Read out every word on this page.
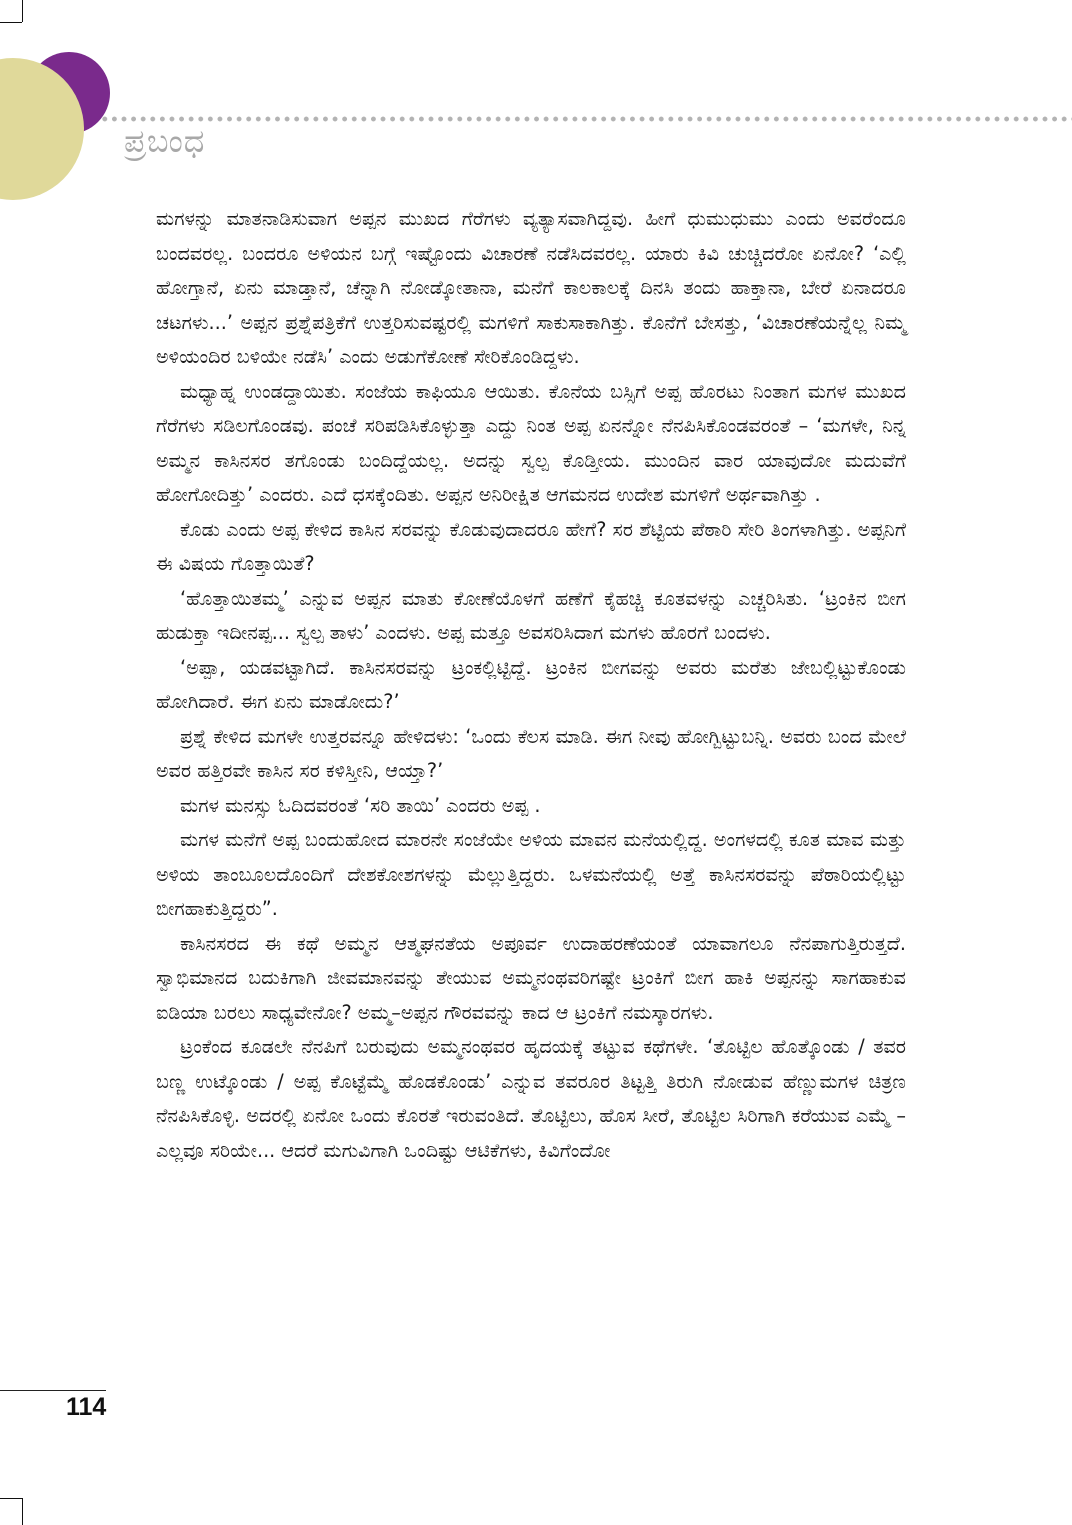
ಪ್ರಬಂಧ

ಮಗಳನ್ನು ಮಾತನಾಡಿಸುವಾಗ ಅಪ್ಪನ ಮುಖದ ಗೆರೆಗಳು ವ್ಯತ್ಯಾಸವಾಗಿದ್ದವು. ಹೀಗೆ ಧುಮುಧುಮು ಎಂದು ಅವರೆಂದೂ ಬಂದವರಲ್ಲ. ಬಂದರೂ ಅಳಿಯನ ಬಗ್ಗೆ ಇಷ್ಟೊಂದು ವಿಚಾರಣೆ ನಡೆಸಿದವರಲ್ಲ. ಯಾರು ಕಿವಿ ಚುಚ್ಚಿದರೋ ಏನೋ? ‘ಎಲ್ಲಿ ಹೋಗ್ತಾನೆ, ಏನು ಮಾಡ್ತಾನೆ, ಚೆನ್ನಾಗಿ ನೋಡ್ಕೋತಾನಾ, ಮನೆಗೆ ಕಾಲಕಾಲಕ್ಕೆ ದಿನಸಿ ತಂದು ಹಾಕ್ತಾನಾ, ಬೇರೆ ಏನಾದರೂ ಚಟಗಳು...’ ಅಪ್ಪನ ಪ್ರಶ್ನೆಪತ್ರಿಕೆಗೆ ಉತ್ತರಿಸುವಷ್ಟರಲ್ಲಿ ಮಗಳಿಗೆ ಸಾಕುಸಾಕಾಗಿತ್ತು. ಕೊನೆಗೆ ಬೇಸತ್ತು, ‘ವಿಚಾರಣೆಯನ್ನೆಲ್ಲ ನಿಮ್ಮ ಅಳಿಯಂದಿರ ಬಳಿಯೇ ನಡೆಸಿ’ ಎಂದು ಅಡುಗೆಕೋಣೆ ಸೇರಿಕೊಂಡಿದ್ದಳು.

ಮಧ್ಯಾಹ್ನ ಉಂಡದ್ದಾಯಿತು. ಸಂಜೆಯ ಕಾಫಿಯೂ ಆಯಿತು. ಕೊನೆಯ ಬಸ್ಸಿಗೆ ಅಪ್ಪ ಹೊರಟು ನಿಂತಾಗ ಮಗಳ ಮುಖದ ಗೆರೆಗಳು ಸಡಿಲಗೊಂಡವು. ಪಂಚೆ ಸರಿಪಡಿಸಿಕೊಳ್ಳುತ್ತಾ ಎದ್ದು ನಿಂತ ಅಪ್ಪ ಏನನ್ನೋ ನೆನಪಿಸಿಕೊಂಡವರಂತೆ – ‘ಮಗಳೇ, ನಿನ್ನ ಅಮ್ಮನ ಕಾಸಿನಸರ ತಗೊಂಡು ಬಂದಿದ್ದೆಯಲ್ಲ. ಅದನ್ನು ಸ್ವಲ್ಪ ಕೊಡ್ತೀಯ. ಮುಂದಿನ ವಾರ ಯಾವುದೋ ಮದುವೆಗೆ ಹೋಗೋದಿತ್ತು’ ಎಂದರು. ಎದೆ ಧಸಕ್ಕೆಂದಿತು. ಅಪ್ಪನ ಅನಿರೀಕ್ಷಿತ ಆಗಮನದ ಉದೇಶ ಮಗಳಿಗೆ ಅರ್ಥವಾಗಿತ್ತು .

ಕೊಡು ಎಂದು ಅಪ್ಪ ಕೇಳಿದ ಕಾಸಿನ ಸರವನ್ನು ಕೊಡುವುದಾದರೂ ಹೇಗೆ? ಸರ ಶೆಟ್ಟಿಯ ಪೆಠಾರಿ ಸೇರಿ ತಿಂಗಳಾಗಿತ್ತು. ಅಪ್ಪನಿಗೆ ಈ ವಿಷಯ ಗೊತ್ತಾಯಿತೆ?

‘ಹೊತ್ತಾಯಿತಮ್ಮ’ ಎನ್ನುವ ಅಪ್ಪನ ಮಾತು ಕೋಣೆಯೊಳಗೆ ಹಣೆಗೆ ಕೈಹಚ್ಚಿ ಕೂತವಳನ್ನು ಎಚ್ಚರಿಸಿತು. ‘ಟ್ರಂಕಿನ ಬೀಗ ಹುಡುಕ್ತಾ ಇದೀನಪ್ಪ... ಸ್ವಲ್ಪ ತಾಳು’ ಎಂದಳು. ಅಪ್ಪ ಮತ್ತೂ ಅವಸರಿಸಿದಾಗ ಮಗಳು ಹೊರಗೆ ಬಂದಳು.

‘ಅಪ್ಪಾ, ಯಡವಟ್ಟಾಗಿದೆ. ಕಾಸಿನಸರವನ್ನು ಟ್ರಂಕಲ್ಲಿಟ್ಟಿದ್ದೆ. ಟ್ರಂಕಿನ ಬೀಗವನ್ನು ಅವರು ಮರೆತು ಜೇಬಲ್ಲಿಟ್ಟುಕೊಂಡು ಹೋಗಿದಾರೆ. ಈಗ ಏನು ಮಾಡೋದು?’

ಪ್ರಶ್ನೆ ಕೇಳಿದ ಮಗಳೇ ಉತ್ತರವನ್ನೂ ಹೇಳಿದಳು: ‘ಒಂದು ಕೆಲಸ ಮಾಡಿ. ಈಗ ನೀವು ಹೋಗ್ಬಿಟ್ಟುಬನ್ನಿ. ಅವರು ಬಂದ ಮೇಲೆ ಅವರ ಹತ್ತಿರವೇ ಕಾಸಿನ ಸರ ಕಳಿಸ್ತೀನಿ, ಆಯ್ತಾ?’

ಮಗಳ ಮನಸ್ಸು ಓದಿದವರಂತೆ ‘ಸರಿ ತಾಯಿ’ ಎಂದರು ಅಪ್ಪ .

ಮಗಳ ಮನೆಗೆ ಅಪ್ಪ ಬಂದುಹೋದ ಮಾರನೇ ಸಂಜೆಯೇ ಅಳಿಯ ಮಾವನ ಮನೆಯಲ್ಲಿದ್ದ. ಅಂಗಳದಲ್ಲಿ ಕೂತ ಮಾವ ಮತ್ತು ಅಳಿಯ ತಾಂಬೂಲದೊಂದಿಗೆ ದೇಶಕೋಶಗಳನ್ನು ಮೆಲ್ಲುತ್ತಿದ್ದರು. ಒಳಮನೆಯಲ್ಲಿ ಅತ್ತೆ ಕಾಸಿನಸರವನ್ನು ಪೆಠಾರಿಯಲ್ಲಿಟ್ಟು ಬೀಗಹಾಕುತ್ತಿದ್ದರು”.

ಕಾಸಿನಸರದ ಈ ಕಥೆ ಅಮ್ಮನ ಆತ್ಮಘನತೆಯ ಅಪೂರ್ವ ಉದಾಹರಣೆಯಂತೆ ಯಾವಾಗಲೂ ನೆನಪಾಗುತ್ತಿರುತ್ತದೆ. ಸ್ವಾಭಿಮಾನದ ಬದುಕಿಗಾಗಿ ಜೀವಮಾನವನ್ನು ತೇಯುವ ಅಮ್ಮನಂಥವರಿಗಷ್ಟೇ ಟ್ರಂಕಿಗೆ ಬೀಗ ಹಾಕಿ ಅಪ್ಪನನ್ನು ಸಾಗಹಾಕುವ ಐಡಿಯಾ ಬರಲು ಸಾಧ್ಯವೇನೋ? ಅಮ್ಮ–ಅಪ್ಪನ ಗೌರವವನ್ನು ಕಾದ ಆ ಟ್ರಂಕಿಗೆ ನಮಸ್ಕಾರಗಳು.

ಟ್ರಂಕೆಂದ ಕೂಡಲೇ ನೆನಪಿಗೆ ಬರುವುದು ಅಮ್ಮನಂಥವರ ಹೃದಯಕ್ಕೆ ತಟ್ಟುವ ಕಥೆಗಳೇ. ‘ತೊಟ್ಟಿಲ ಹೊತ್ಕೊಂಡು / ತವರ ಬಣ್ಣ ಉಟ್ಕೊಂಡು / ಅಪ್ಪ ಕೊಟ್ಟೆಮ್ಮೆ ಹೊಡಕೊಂಡು’ ಎನ್ನುವ ತವರೂರ ತಿಟ್ಟತ್ತಿ ತಿರುಗಿ ನೋಡುವ ಹೆಣ್ಣುಮಗಳ ಚಿತ್ರಣ ನೆನಪಿಸಿಕೊಳ್ಳಿ. ಅದರಲ್ಲಿ ಏನೋ ಒಂದು ಕೊರತೆ ಇರುವಂತಿದೆ. ತೊಟ್ಟಿಲು, ಹೊಸ ಸೀರೆ, ತೊಟ್ಟಿಲ ಸಿರಿಗಾಗಿ ಕರೆಯುವ ಎಮ್ಮೆ – ಎಲ್ಲವೂ ಸರಿಯೇ... ಆದರೆ ಮಗುವಿಗಾಗಿ ಒಂದಿಷ್ಟು ಆಟಿಕೆಗಳು, ಕಿವಿಗೆಂದೋ

114
